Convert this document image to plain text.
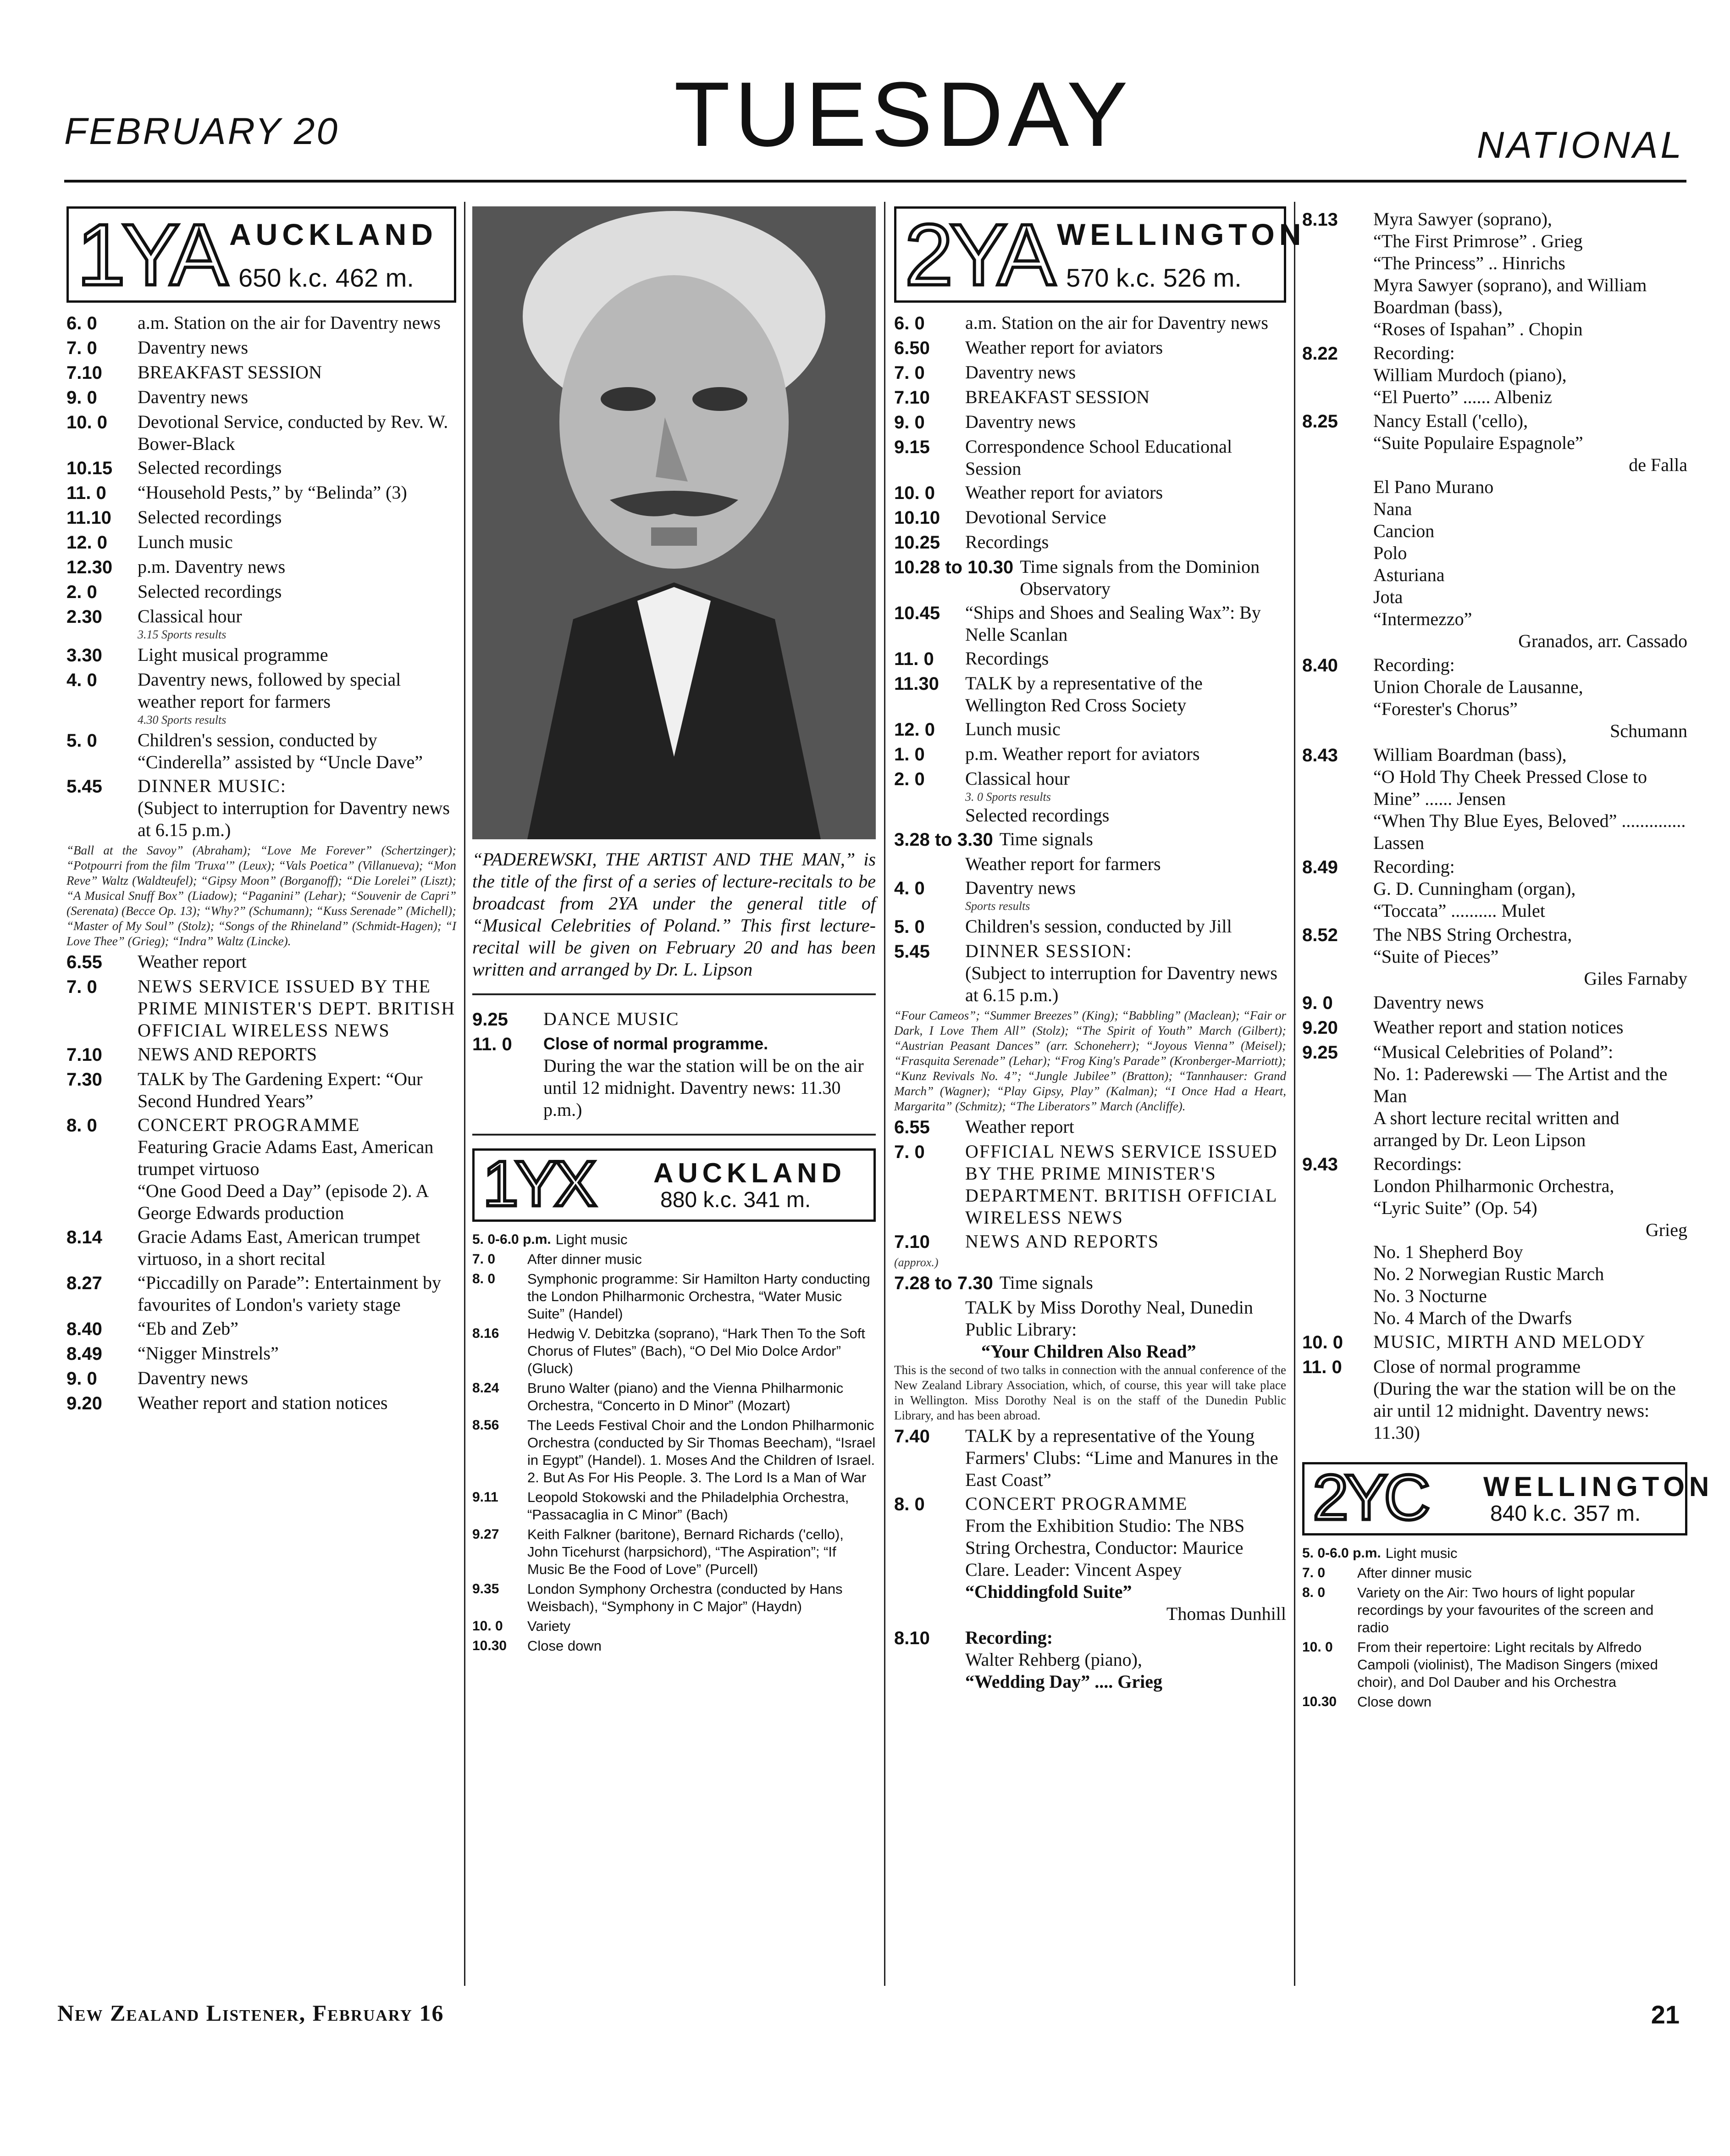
FEBRUARY 20	TUESDAY	NATIONAL
1YA AUCKLAND
650 k.c. 462 m.
6. 0	a.m. Station on the air for Daventry news
7. 0	Daventry news
7.10	BREAKFAST SESSION
9. 0	Daventry news
10. 0	Devotional Service, conducted by Rev. W. Bower-Black
10.15	Selected recordings
11. 0	“Household Pests,” by “Belinda” (3)
11.10	Selected recordings
12. 0	Lunch music
12.30	p.m. Daventry news
2. 0	Selected recordings
2.30	Classical hour
3.15 Sports results
3.30	Light musical programme
4. 0	Daventry news, followed by special weather report for farmers
4.30 Sports results
5. 0	Children's session, conducted by “Cinderella” assisted by “Uncle Dave”
5.45	DINNER MUSIC:
(Subject to interruption for Daventry news at 6.15 p.m.)
“Ball at the Savoy” (Abraham); “Love Me Forever” (Schertzinger); “Potpourri from the film 'Truxa'” (Leux); “Vals Poetica” (Villanueva); “Mon Reve” Waltz (Waldteufel); “Gipsy Moon” (Borganoff); “Die Lorelei” (Liszt); “A Musical Snuff Box” (Liadow); “Paganini” (Lehar); “Souvenir de Capri” (Serenata) (Becce Op. 13); “Why?” (Schumann); “Kuss Serenade” (Michell); “Master of My Soul” (Stolz); “Songs of the Rhineland” (Schmidt-Hagen); “I Love Thee” (Grieg); “Indra” Waltz (Lincke).
6.55	Weather report
7. 0	NEWS SERVICE ISSUED BY THE PRIME MINISTER'S DEPT. BRITISH OFFICIAL WIRELESS NEWS
7.10	NEWS AND REPORTS
7.30	TALK by The Gardening Expert: “Our Second Hundred Years”
8. 0	CONCERT PROGRAMME
Featuring Gracie Adams East, American trumpet virtuoso
“One Good Deed a Day” (episode 2). A George Edwards production
8.14	Gracie Adams East, American trumpet virtuoso, in a short recital
8.27	“Piccadilly on Parade”: Entertainment by favourites of London's variety stage
8.40	“Eb and Zeb”
8.49	“Nigger Minstrels”
9. 0	Daventry news
9.20	Weather report and station notices
“PADEREWSKI, THE ARTIST AND THE MAN,” is the title of the first of a series of lecture-recitals to be broadcast from 2YA under the general title of “Musical Celebrities of Poland.” This first lecture-recital will be given on February 20 and has been written and arranged by Dr. L. Lipson
9.25	DANCE MUSIC
11. 0	Close of normal programme.
During the war the station will be on the air until 12 midnight. Daventry news: 11.30 p.m.)
1YX AUCKLAND
880 k.c. 341 m.
5. 0-6.0 p.m. Light music
7. 0	After dinner music
8. 0	Symphonic programme: Sir Hamilton Harty conducting the London Philharmonic Orchestra, “Water Music Suite” (Handel)
8.16	Hedwig V. Debitzka (soprano), “Hark Then To the Soft Chorus of Flutes” (Bach), “O Del Mio Dolce Ardor” (Gluck)
8.24	Bruno Walter (piano) and the Vienna Philharmonic Orchestra, “Concerto in D Minor” (Mozart)
8.56	The Leeds Festival Choir and the London Philharmonic Orchestra (conducted by Sir Thomas Beecham), “Israel in Egypt” (Handel). 1. Moses And the Children of Israel. 2. But As For His People. 3. The Lord Is a Man of War
9.11	Leopold Stokowski and the Philadelphia Orchestra, “Passacaglia in C Minor” (Bach)
9.27	Keith Falkner (baritone), Bernard Richards ('cello), John Ticehurst (harpsichord), “The Aspiration”; “If Music Be the Food of Love” (Purcell)
9.35	London Symphony Orchestra (conducted by Hans Weisbach), “Symphony in C Major” (Haydn)
10. 0	Variety
10.30	Close down
2YA WELLINGTON
570 k.c. 526 m.
6. 0	a.m. Station on the air for Daventry news
6.50	Weather report for aviators
7. 0	Daventry news
7.10	BREAKFAST SESSION
9. 0	Daventry news
9.15	Correspondence School Educational Session
10. 0	Weather report for aviators
10.10	Devotional Service
10.25	Recordings
10.28 to 10.30 Time signals from the Dominion Observatory
10.45	“Ships and Shoes and Sealing Wax”: By Nelle Scanlan
11. 0	Recordings
11.30	TALK by a representative of the Wellington Red Cross Society
12. 0	Lunch music
1. 0	p.m. Weather report for aviators
2. 0	Classical hour
3. 0 Sports results
Selected recordings
3.28 to 3.30 Time signals
Weather report for farmers
4. 0	Daventry news
Sports results
5. 0	Children's session, conducted by Jill
5.45	DINNER SESSION:
(Subject to interruption for Daventry news at 6.15 p.m.)
“Four Cameos”; “Summer Breezes” (King); “Babbling” (Maclean); “Fair or Dark, I Love Them All” (Stolz); “The Spirit of Youth” March (Gilbert); “Austrian Peasant Dances” (arr. Schoneherr); “Joyous Vienna” (Meisel); “Frasquita Serenade” (Lehar); “Frog King's Parade” (Kronberger-Marriott); “Kunz Revivals No. 4”; “Jungle Jubilee” (Bratton); “Tannhauser: Grand March” (Wagner); “Play Gipsy, Play” (Kalman); “I Once Had a Heart, Margarita” (Schmitz); “The Liberators” March (Ancliffe).
6.55	Weather report
7. 0	OFFICIAL NEWS SERVICE ISSUED BY THE PRIME MINISTER'S DEPARTMENT. BRITISH OFFICIAL WIRELESS NEWS
7.10	NEWS AND REPORTS
(approx.)
7.28 to 7.30 Time signals
TALK by Miss Dorothy Neal, Dunedin Public Library:
“Your Children Also Read”
This is the second of two talks in connection with the annual conference of the New Zealand Library Association, which, of course, this year will take place in Wellington. Miss Dorothy Neal is on the staff of the Dunedin Public Library, and has been abroad.
7.40	TALK by a representative of the Young Farmers' Clubs: “Lime and Manures in the East Coast”
8. 0	CONCERT PROGRAMME
From the Exhibition Studio: The NBS String Orchestra, Conductor: Maurice Clare. Leader: Vincent Aspey
“Chiddingfold Suite”
Thomas Dunhill
8.10	Recording:
Walter Rehberg (piano),
“Wedding Day” .... Grieg
8.13	Myra Sawyer (soprano),
“The First Primrose” . Grieg
“The Princess” .. Hinrichs
Myra Sawyer (soprano), and William Boardman (bass),
“Roses of Ispahan” . Chopin
8.22	Recording:
William Murdoch (piano),
“El Puerto” ...... Albeniz
8.25	Nancy Estall ('cello),
“Suite Populaire Espagnole”
de Falla
El Pano Murano
Nana
Cancion
Polo
Asturiana
Jota
“Intermezzo”
Granados, arr. Cassado
8.40	Recording:
Union Chorale de Lausanne,
“Forester's Chorus”
Schumann
8.43	William Boardman (bass),
“O Hold Thy Cheek Pressed Close to Mine” ...... Jensen
“When Thy Blue Eyes, Beloved” .............. Lassen
8.49	Recording:
G. D. Cunningham (organ),
“Toccata” .......... Mulet
8.52	The NBS String Orchestra,
“Suite of Pieces”
Giles Farnaby
9. 0	Daventry news
9.20	Weather report and station notices
9.25	“Musical Celebrities of Poland”:
No. 1: Paderewski — The Artist and the Man
A short lecture recital written and arranged by Dr. Leon Lipson
9.43	Recordings:
London Philharmonic Orchestra,
“Lyric Suite” (Op. 54)
Grieg
No. 1 Shepherd Boy
No. 2 Norwegian Rustic March
No. 3 Nocturne
No. 4 March of the Dwarfs
10. 0	MUSIC, MIRTH AND MELODY
11. 0	Close of normal programme
(During the war the station will be on the air until 12 midnight. Daventry news: 11.30)
2YC WELLINGTON
840 k.c. 357 m.
5. 0-6.0 p.m. Light music
7. 0	After dinner music
8. 0	Variety on the Air: Two hours of light popular recordings by your favourites of the screen and radio
10. 0	From their repertoire: Light recitals by Alfredo Campoli (violinist), The Madison Singers (mixed choir), and Dol Dauber and his Orchestra
10.30	Close down
New Zealand Listener, February 16	21
